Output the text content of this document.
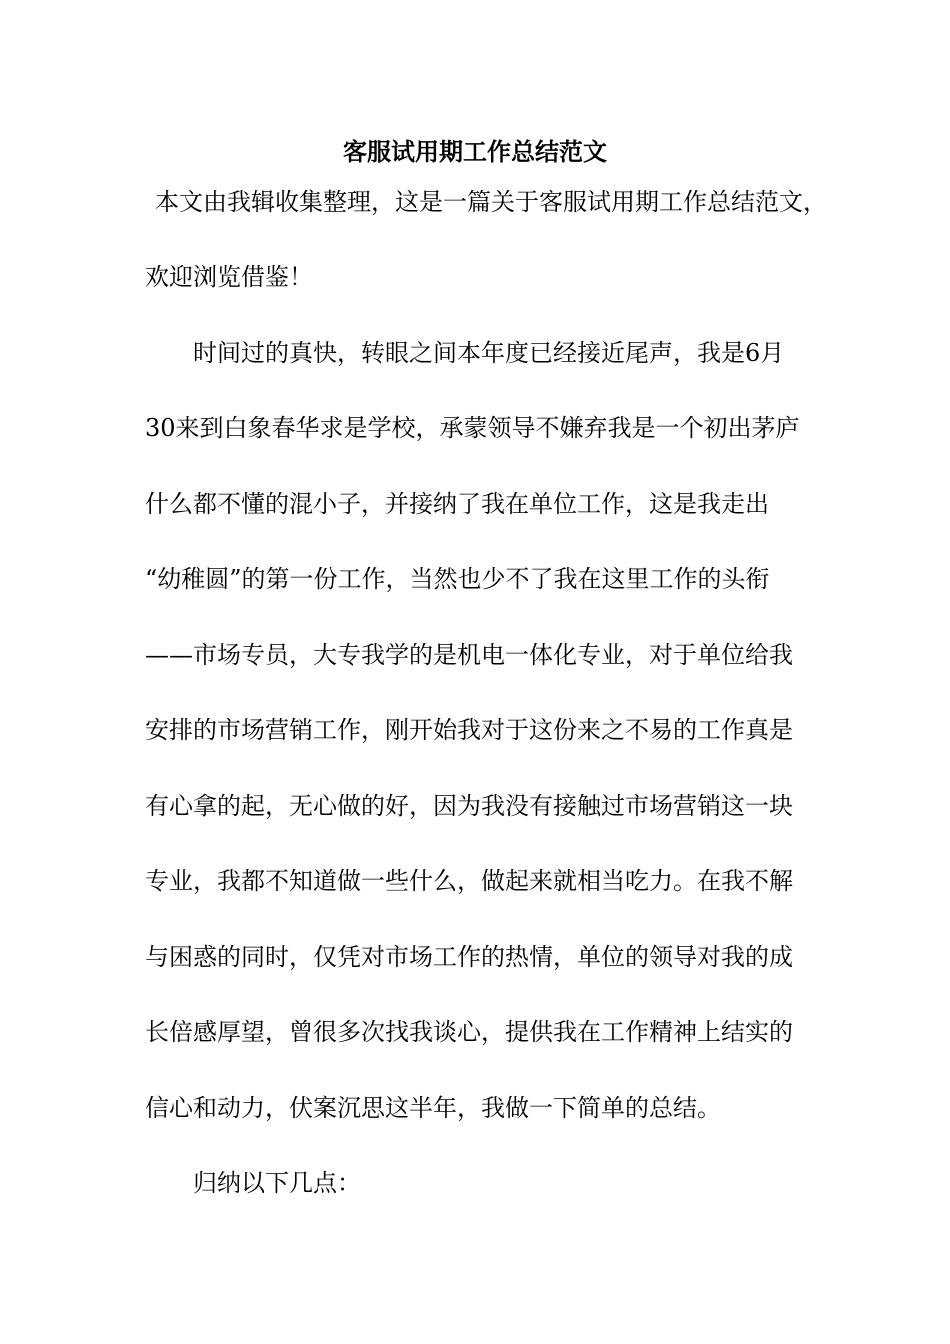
客服试用期工作总结范文
本文由我辑收集整理，这是一篇关于客服试用期工作总结范文，
欢迎浏览借鉴！
时间过的真快，转眼之间本年度已经接近尾声，我是6月
30来到白象春华求是学校，承蒙领导不嫌弃我是一个初出茅庐
什么都不懂的混小子，并接纳了我在单位工作，这是我走出
“幼稚圆”的第一份工作，当然也少不了我在这里工作的头衔
——市场专员，大专我学的是机电一体化专业，对于单位给我
安排的市场营销工作，刚开始我对于这份来之不易的工作真是
有心拿的起，无心做的好，因为我没有接触过市场营销这一块
专业，我都不知道做一些什么，做起来就相当吃力。在我不解
与困惑的同时，仅凭对市场工作的热情，单位的领导对我的成
长倍感厚望，曾很多次找我谈心，提供我在工作精神上结实的
信心和动力，伏案沉思这半年，我做一下简单的总结。
归纳以下几点：
